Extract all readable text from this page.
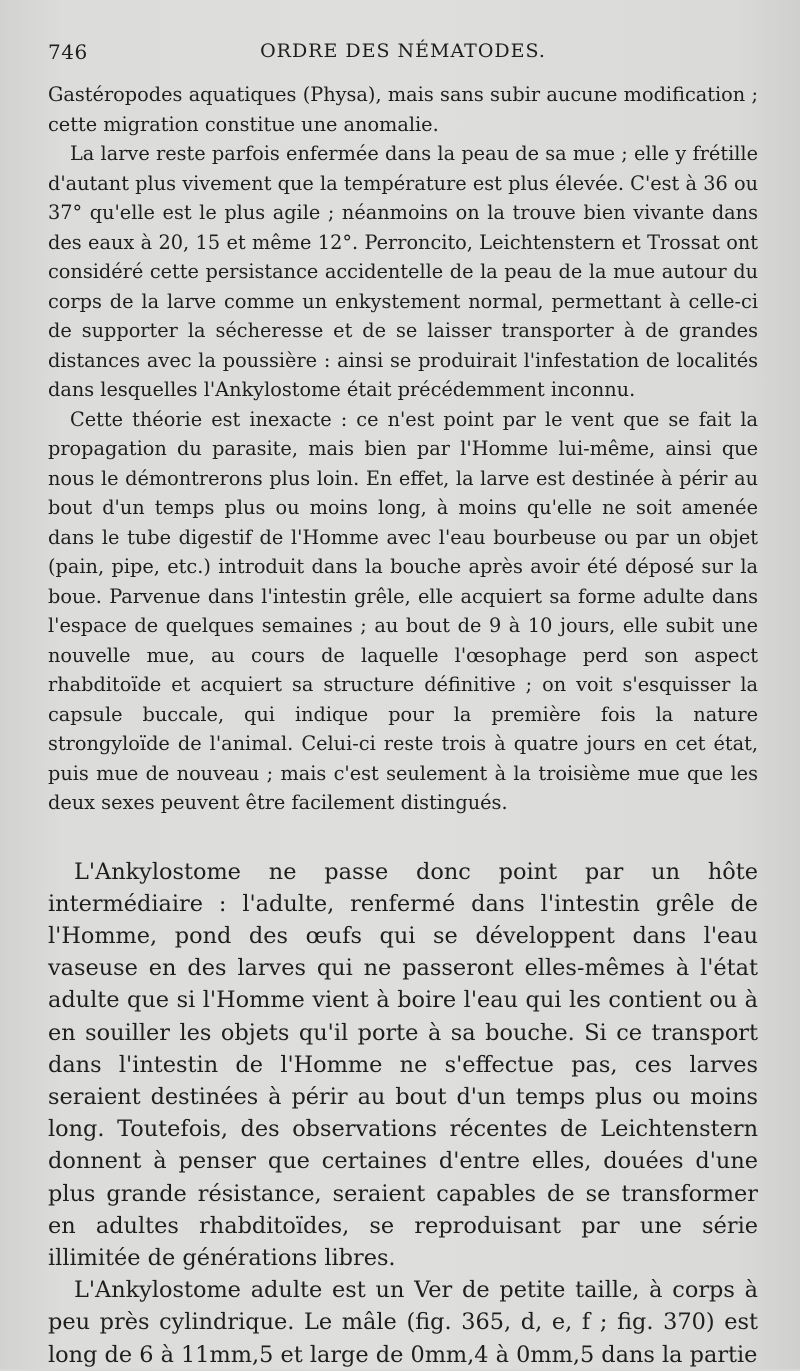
746	ORDRE DES NÉMATODES.

Gastéropodes aquatiques (Physa), mais sans subir aucune modification ; cette migration constitue une anomalie.

La larve reste parfois enfermée dans la peau de sa mue ; elle y frétille d'autant plus vivement que la température est plus élevée. C'est à 36 ou 37° qu'elle est le plus agile ; néanmoins on la trouve bien vivante dans des eaux à 20, 15 et même 12°. Perroncito, Leichtenstern et Trossat ont considéré cette persistance accidentelle de la peau de la mue autour du corps de la larve comme un enkystement normal, permettant à celle-ci de supporter la sécheresse et de se laisser transporter à de grandes distances avec la poussière : ainsi se produirait l'infestation de localités dans lesquelles l'Ankylostome était précédemment inconnu.

Cette théorie est inexacte : ce n'est point par le vent que se fait la propagation du parasite, mais bien par l'Homme lui-même, ainsi que nous le démontrerons plus loin. En effet, la larve est destinée à périr au bout d'un temps plus ou moins long, à moins qu'elle ne soit amenée dans le tube digestif de l'Homme avec l'eau bourbeuse ou par un objet (pain, pipe, etc.) introduit dans la bouche après avoir été déposé sur la boue. Parvenue dans l'intestin grêle, elle acquiert sa forme adulte dans l'espace de quelques semaines ; au bout de 9 à 10 jours, elle subit une nouvelle mue, au cours de laquelle l'œsophage perd son aspect rhabditoïde et acquiert sa structure définitive ; on voit s'esquisser la capsule buccale, qui indique pour la première fois la nature strongyloïde de l'animal. Celui-ci reste trois à quatre jours en cet état, puis mue de nouveau ; mais c'est seulement à la troisième mue que les deux sexes peuvent être facilement distingués.

L'Ankylostome ne passe donc point par un hôte intermédiaire : l'adulte, renfermé dans l'intestin grêle de l'Homme, pond des œufs qui se développent dans l'eau vaseuse en des larves qui ne passeront elles-mêmes à l'état adulte que si l'Homme vient à boire l'eau qui les contient ou à en souiller les objets qu'il porte à sa bouche. Si ce transport dans l'intestin de l'Homme ne s'effectue pas, ces larves seraient destinées à périr au bout d'un temps plus ou moins long. Toutefois, des observations récentes de Leichtenstern donnent à penser que certaines d'entre elles, douées d'une plus grande résistance, seraient capables de se transformer en adultes rhabditoïdes, se reproduisant par une série illimitée de générations libres.

L'Ankylostome adulte est un Ver de petite taille, à corps à peu près cylindrique. Le mâle (fig. 365, d, e, f ; fig. 370) est long de 6 à 11mm,5 et large de 0mm,4 à 0mm,5 dans la partie
